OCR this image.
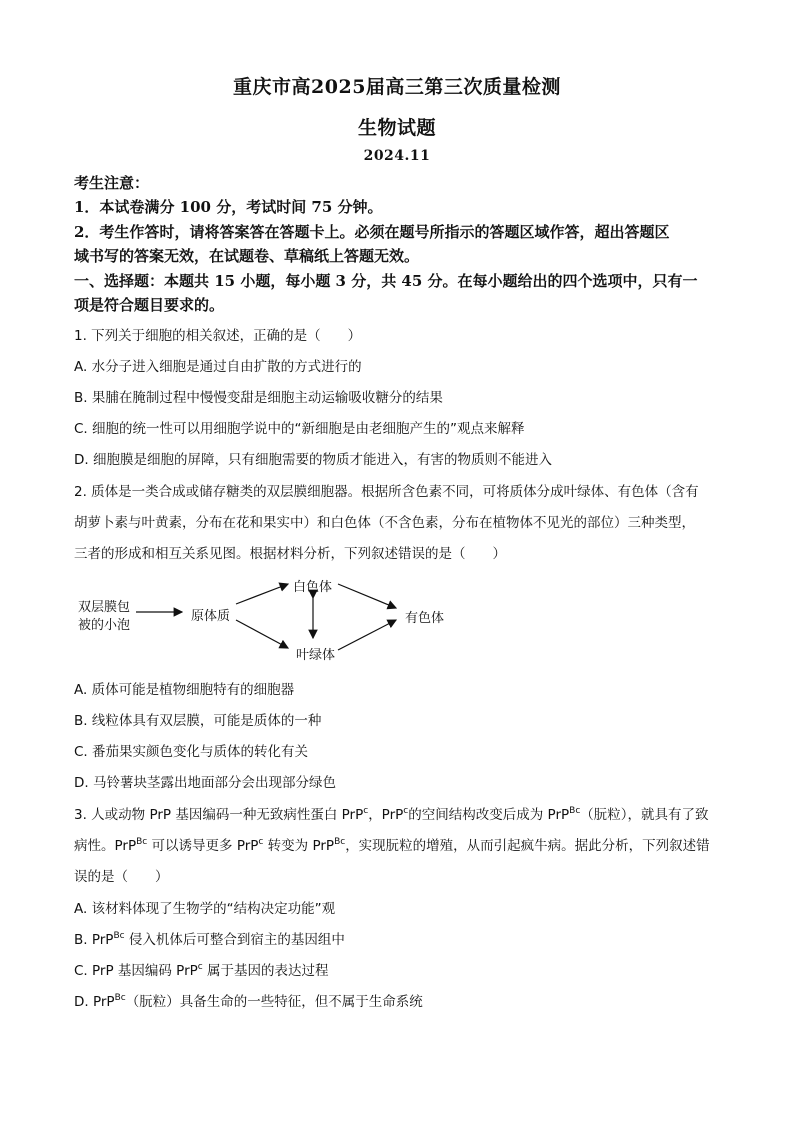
重庆市高2025届高三第三次质量检测
生物试题
2024.11
考生注意：
1．本试卷满分 100 分，考试时间 75 分钟。
2．考生作答时，请将答案答在答题卡上。必须在题号所指示的答题区域作答，超出答题区
域书写的答案无效，在试题卷、草稿纸上答题无效。
一、选择题：本题共 15 小题，每小题 3 分，共 45 分。在每小题给出的四个选项中，只有一
项是符合题目要求的。
1. 下列关于细胞的相关叙述，正确的是（　　）
A. 水分子进入细胞是通过自由扩散的方式进行的
B. 果脯在腌制过程中慢慢变甜是细胞主动运输吸收糖分的结果
C. 细胞的统一性可以用细胞学说中的“新细胞是由老细胞产生的”观点来解释
D. 细胞膜是细胞的屏障，只有细胞需要的物质才能进入，有害的物质则不能进入
2. 质体是一类合成或储存糖类的双层膜细胞器。根据所含色素不同，可将质体分成叶绿体、有色体（含有
胡萝卜素与叶黄素，分布在花和果实中）和白色体（不含色素，分布在植物体不见光的部位）三种类型，
三者的形成和相互关系见图。根据材料分析，下列叙述错误的是（　　）
双层膜包
被的小泡
原体质
白色体
叶绿体
有色体
A. 质体可能是植物细胞特有的细胞器
B. 线粒体具有双层膜，可能是质体的一种
C. 番茄果实颜色变化与质体的转化有关
D. 马铃薯块茎露出地面部分会出现部分绿色
3. 人或动物 PrP 基因编码一种无致病性蛋白 PrP$^c$，PrP$^c$的空间结构改变后成为 PrP$^{Bc}$（朊粒），就具有了致
病性。PrP$^{Bc}$ 可以诱导更多 PrP$^c$ 转变为 PrP$^{Bc}$，实现朊粒的增殖，从而引起疯牛病。据此分析，下列叙述错
误的是（　　）
A. 该材料体现了生物学的“结构决定功能”观
B. PrP$^{Bc}$ 侵入机体后可整合到宿主的基因组中
C. PrP 基因编码 PrP$^c$ 属于基因的表达过程
D. PrP$^{Bc}$（朊粒）具备生命的一些特征，但不属于生命系统
